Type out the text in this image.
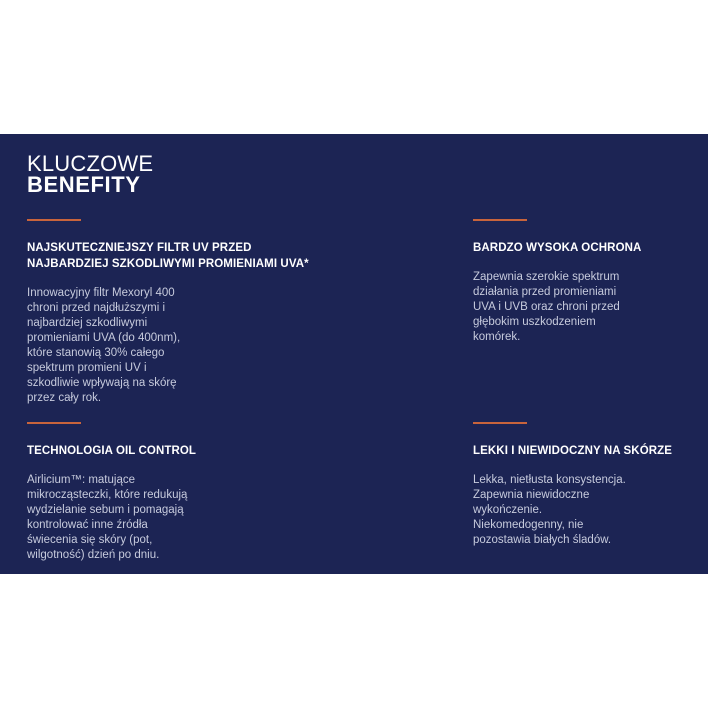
KLUCZOWE
BENEFITY
NAJSKUTECZNIEJSZY FILTR UV PRZED
NAJBARDZIEJ SZKODLIWYMI PROMIENIAMI UVA*
Innowacyjny filtr Mexoryl 400
chroni przed najdłuższymi i
najbardziej szkodliwymi
promieniami UVA (do 400nm),
które stanowią 30% całego
spektrum promieni UV i
szkodliwie wpływają na skórę
przez cały rok.
BARDZO WYSOKA OCHRONA
Zapewnia szerokie spektrum
działania przed promieniami
UVA i UVB oraz chroni przed
głębokim uszkodzeniem
komórek.
TECHNOLOGIA OIL CONTROL
Airlicium™: matujące
mikrocząsteczki, które redukują
wydzielanie sebum i pomagają
kontrolować inne źródła
świecenia się skóry (pot,
wilgotność) dzień po dniu.
LEKKI I NIEWIDOCZNY NA SKÓRZE
Lekka, nietłusta konsystencja.
Zapewnia niewidoczne
wykończenie.
Niekomedogenny, nie
pozostawia białych śladów.
